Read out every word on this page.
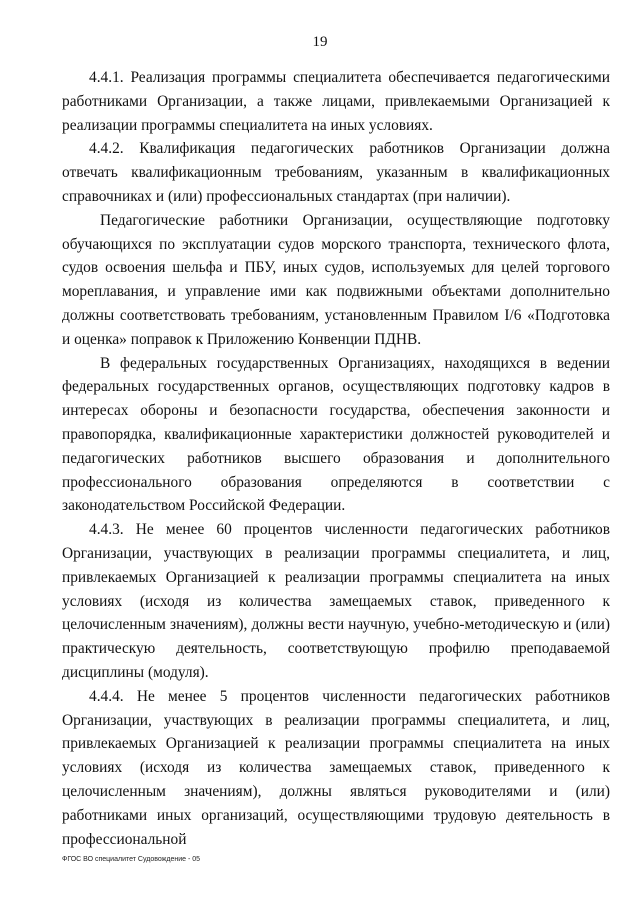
19

4.4.1. Реализация программы специалитета обеспечивается педагогическими работниками Организации, а также лицами, привлекаемыми Организацией к реализации программы специалитета на иных условиях.

4.4.2. Квалификация педагогических работников Организации должна отвечать квалификационным требованиям, указанным в квалификационных справочниках и (или) профессиональных стандартах (при наличии).

Педагогические работники Организации, осуществляющие подготовку обучающихся по эксплуатации судов морского транспорта, технического флота, судов освоения шельфа и ПБУ, иных судов, используемых для целей торгового мореплавания, и управление ими как подвижными объектами дополнительно должны соответствовать требованиям, установленным Правилом I/6 «Подготовка и оценка» поправок к Приложению Конвенции ПДНВ.

В федеральных государственных Организациях, находящихся в ведении федеральных государственных органов, осуществляющих подготовку кадров в интересах обороны и безопасности государства, обеспечения законности и правопорядка, квалификационные характеристики должностей руководителей и педагогических работников высшего образования и дополнительного профессионального образования определяются в соответствии с законодательством Российской Федерации.

4.4.3. Не менее 60 процентов численности педагогических работников Организации, участвующих в реализации программы специалитета, и лиц, привлекаемых Организацией к реализации программы специалитета на иных условиях (исходя из количества замещаемых ставок, приведенного к целочисленным значениям), должны вести научную, учебно-методическую и (или) практическую деятельность, соответствующую профилю преподаваемой дисциплины (модуля).

4.4.4. Не менее 5 процентов численности педагогических работников Организации, участвующих в реализации программы специалитета, и лиц, привлекаемых Организацией к реализации программы специалитета на иных условиях (исходя из количества замещаемых ставок, приведенного к целочисленным значениям), должны являться руководителями и (или) работниками иных организаций, осуществляющими трудовую деятельность в профессиональной

ФГОС ВО специалитет Судовождение - 05
